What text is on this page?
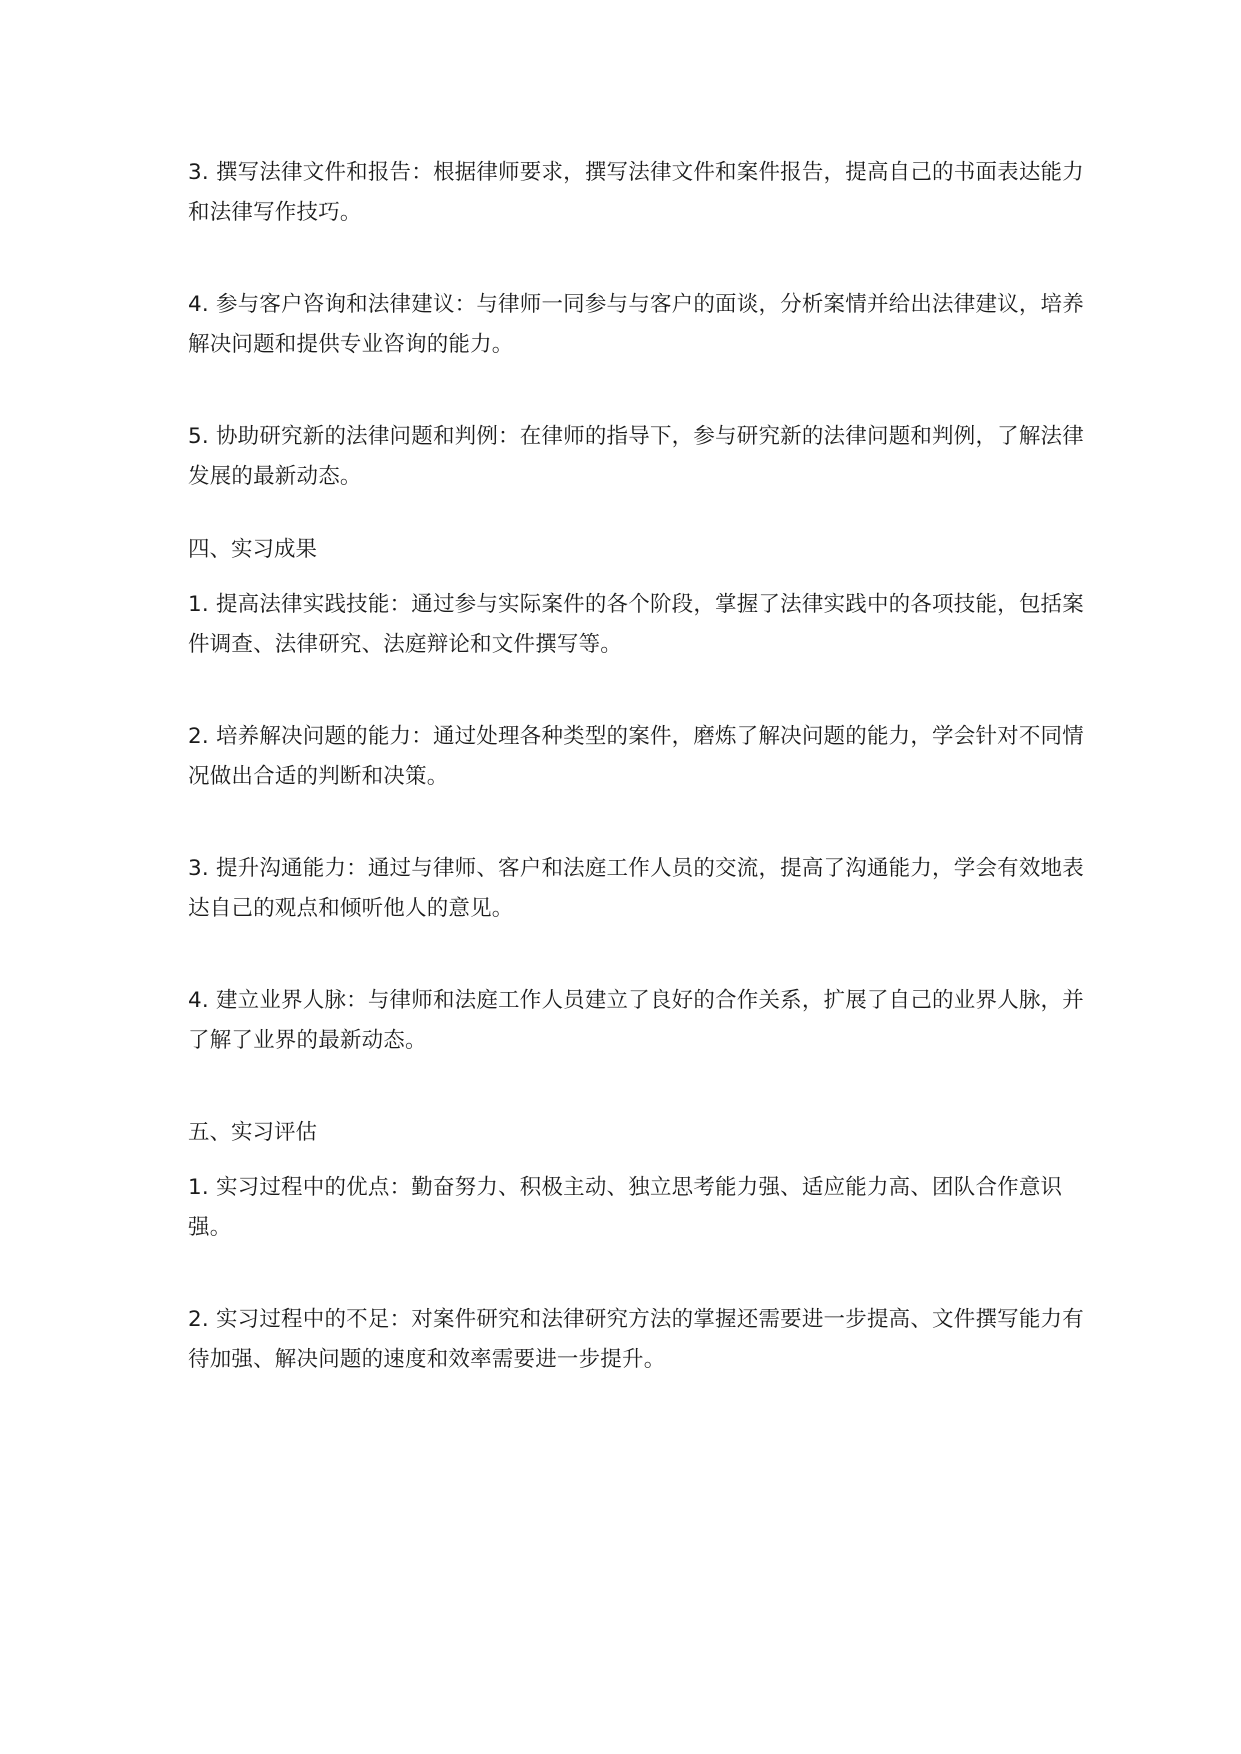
3. 撰写法律文件和报告：根据律师要求，撰写法律文件和案件报告，提高自己的书面表达能力和法律写作技巧。

4. 参与客户咨询和法律建议：与律师一同参与与客户的面谈，分析案情并给出法律建议，培养解决问题和提供专业咨询的能力。

5. 协助研究新的法律问题和判例：在律师的指导下，参与研究新的法律问题和判例，了解法律发展的最新动态。

四、实习成果

1. 提高法律实践技能：通过参与实际案件的各个阶段，掌握了法律实践中的各项技能，包括案件调查、法律研究、法庭辩论和文件撰写等。

2. 培养解决问题的能力：通过处理各种类型的案件，磨炼了解决问题的能力，学会针对不同情况做出合适的判断和决策。

3. 提升沟通能力：通过与律师、客户和法庭工作人员的交流，提高了沟通能力，学会有效地表达自己的观点和倾听他人的意见。

4. 建立业界人脉：与律师和法庭工作人员建立了良好的合作关系，扩展了自己的业界人脉，并了解了业界的最新动态。

五、实习评估

1. 实习过程中的优点：勤奋努力、积极主动、独立思考能力强、适应能力高、团队合作意识强。

2. 实习过程中的不足：对案件研究和法律研究方法的掌握还需要进一步提高、文件撰写能力有待加强、解决问题的速度和效率需要进一步提升。
